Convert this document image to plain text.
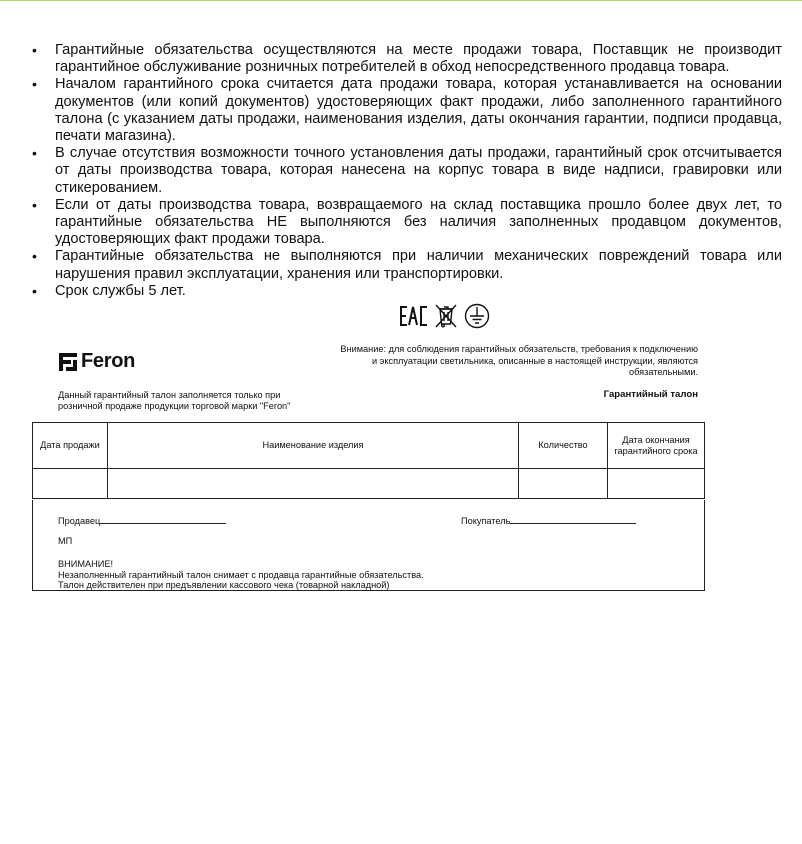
• Гарантийные обязательства осуществляются на месте продажи товара, Поставщик не производит гарантийное обслуживание розничных потребителей в обход непосредственного продавца товара.
• Началом гарантийного срока считается дата продажи товара, которая устанавливается на основании документов (или копий документов) удостоверяющих факт продажи, либо заполненного гарантийного талона (с указанием даты продажи, наименования изделия, даты окончания гарантии, подписи продавца, печати магазина).
• В случае отсутствия возможности точного установления даты продажи, гарантийный срок отсчитывается от даты производства товара, которая нанесена на корпус товара в виде надписи, гравировки или стикерованием.
• Если от даты производства товара, возвращаемого на склад поставщика прошло более двух лет, то гарантийные обязательства НЕ выполняются без наличия заполненных продавцом документов, удостоверяющих факт продажи товара.
• Гарантийные обязательства не выполняются при наличии механических повреждений товара или нарушения правил эксплуатации, хранения или транспортировки.
• Срок службы 5 лет.
Feron
Внимание: для соблюдения гарантийных обязательств, требования к подключению
и эксплуатации светильника, описанные в настоящей инструкции, являются обязательными.
Гарантийный талон
Данный гарантийный талон заполняется только при розничной продаже продукции торговой марки "Feron"
Дата продажи	Наименование изделия	Количество	Дата окончания гарантийного срока

Продавец	Покупатель
МП
ВНИМАНИЕ!
Незаполненный гарантийный талон снимает с продавца гарантийные обязательства.
Талон действителен при предъявлении кассового чека (товарной накладной)
